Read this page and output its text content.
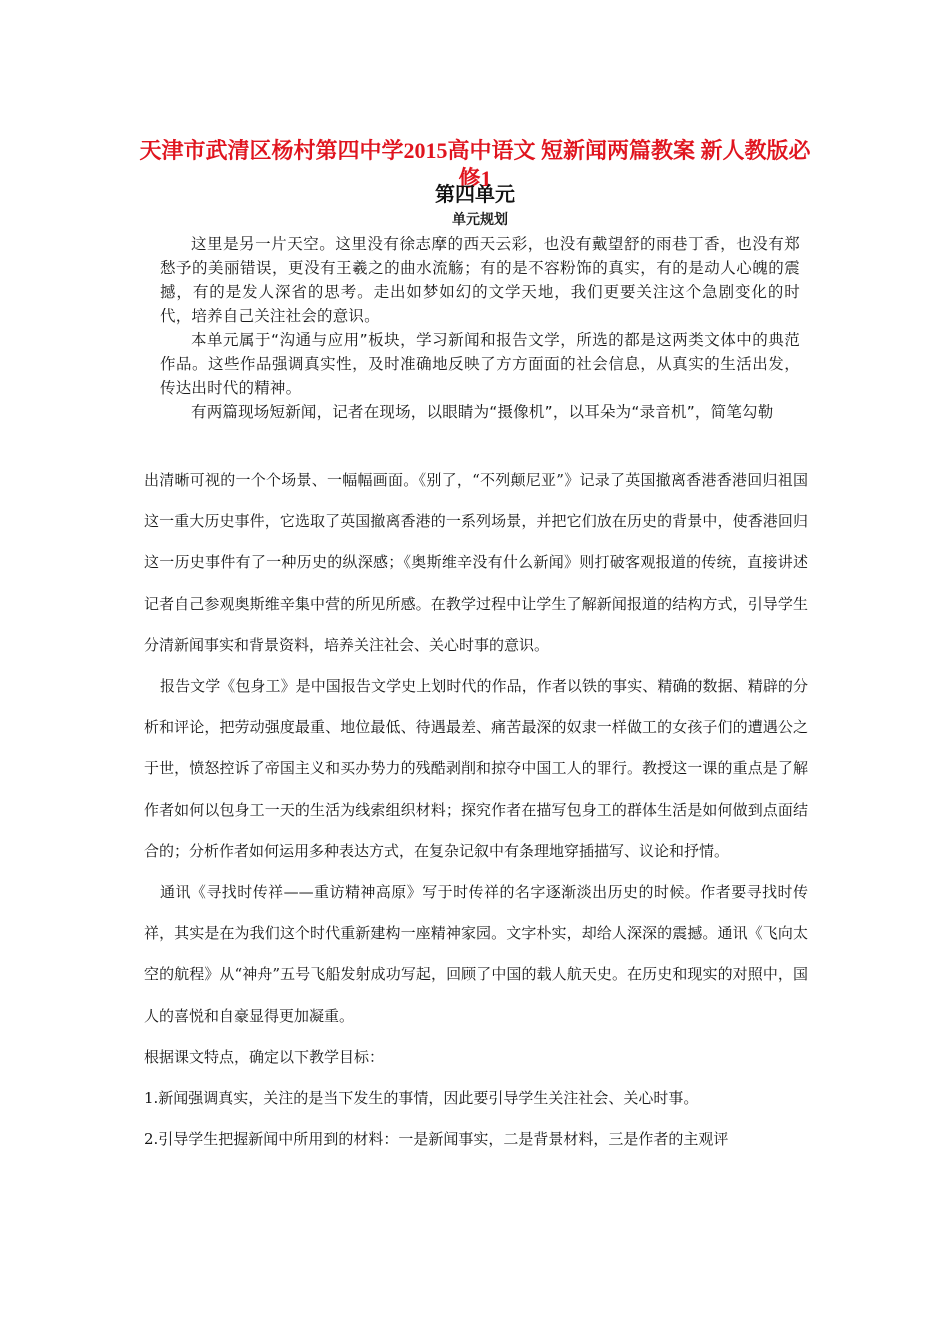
天津市武清区杨村第四中学2015高中语文 短新闻两篇教案 新人教版必修1
第四单元
单元规划

这里是另一片天空。这里没有徐志摩的西天云彩，也没有戴望舒的雨巷丁香，也没有郑愁予的美丽错误，更没有王羲之的曲水流觞；有的是不容粉饰的真实，有的是动人心魄的震撼，有的是发人深省的思考。走出如梦如幻的文学天地，我们更要关注这个急剧变化的时代，培养自己关注社会的意识。

本单元属于“沟通与应用”板块，学习新闻和报告文学，所选的都是这两类文体中的典范作品。这些作品强调真实性，及时准确地反映了方方面面的社会信息，从真实的生活出发，传达出时代的精神。

有两篇现场短新闻，记者在现场，以眼睛为“摄像机”，以耳朵为“录音机”，简笔勾勒

出清晰可视的一个个场景、一幅幅画面。《别了，“不列颠尼亚”》记录了英国撤离香港香港回归祖国这一重大历史事件，它选取了英国撤离香港的一系列场景，并把它们放在历史的背景中，使香港回归这一历史事件有了一种历史的纵深感；《奥斯维辛没有什么新闻》则打破客观报道的传统，直接讲述记者自己参观奥斯维辛集中营的所见所感。在教学过程中让学生了解新闻报道的结构方式，引导学生分清新闻事实和背景资料，培养关注社会、关心时事的意识。

报告文学《包身工》是中国报告文学史上划时代的作品，作者以铁的事实、精确的数据、精辟的分析和评论，把劳动强度最重、地位最低、待遇最差、痛苦最深的奴隶一样做工的女孩子们的遭遇公之于世，愤怒控诉了帝国主义和买办势力的残酷剥削和掠夺中国工人的罪行。教授这一课的重点是了解作者如何以包身工一天的生活为线索组织材料；探究作者在描写包身工的群体生活是如何做到点面结合的；分析作者如何运用多种表达方式，在复杂记叙中有条理地穿插描写、议论和抒情。

通讯《寻找时传祥——重访精神高原》写于时传祥的名字逐渐淡出历史的时候。作者要寻找时传祥，其实是在为我们这个时代重新建构一座精神家园。文字朴实，却给人深深的震撼。通讯《飞向太空的航程》从“神舟”五号飞船发射成功写起，回顾了中国的载人航天史。在历史和现实的对照中，国人的喜悦和自豪显得更加凝重。

根据课文特点，确定以下教学目标：

1.新闻强调真实，关注的是当下发生的事情，因此要引导学生关注社会、关心时事。

2.引导学生把握新闻中所用到的材料：一是新闻事实，二是背景材料，三是作者的主观评
